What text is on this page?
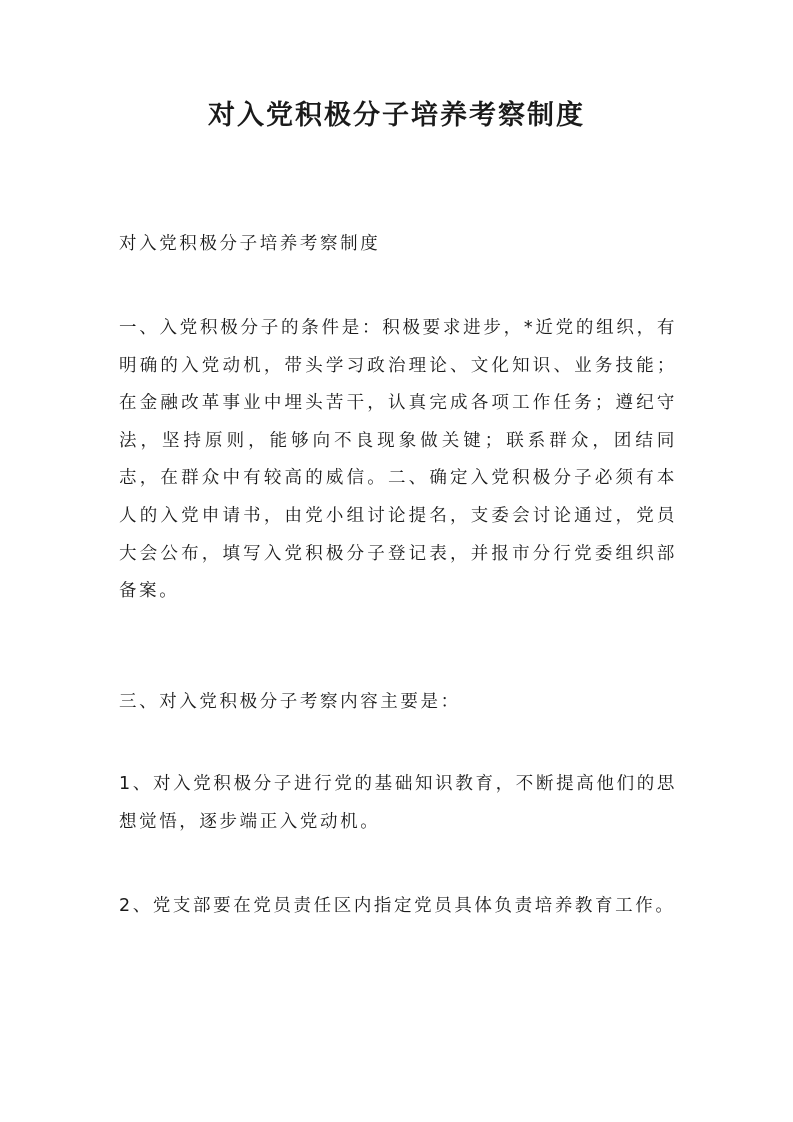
对入党积极分子培养考察制度

对入党积极分子培养考察制度

一、入党积极分子的条件是：积极要求进步，*近党的组织，有明确的入党动机，带头学习政治理论、文化知识、业务技能；在金融改革事业中埋头苦干，认真完成各项工作任务；遵纪守法，坚持原则，能够向不良现象做关键；联系群众，团结同志，在群众中有较高的威信。二、确定入党积极分子必须有本人的入党申请书，由党小组讨论提名，支委会讨论通过，党员大会公布，填写入党积极分子登记表，并报市分行党委组织部备案。

三、对入党积极分子考察内容主要是：

1、对入党积极分子进行党的基础知识教育，不断提高他们的思想觉悟，逐步端正入党动机。

2、党支部要在党员责任区内指定党员具体负责培养教育工作。
